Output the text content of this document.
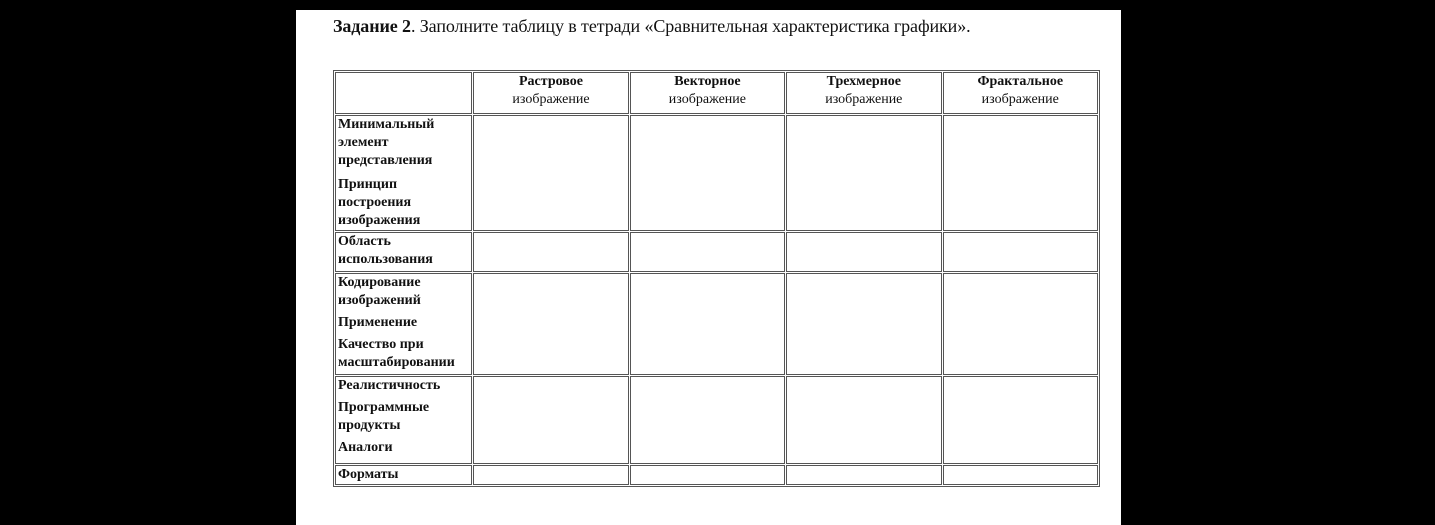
Задание 2. Заполните таблицу в тетради «Сравнительная характеристика графики».

	Растровое
изображение	Векторное
изображение	Трехмерное
изображение	Фрактальное
изображение

Минимальный элемент представления
Принцип построения изображения				

Область использования				

Кодирование изображений
Применение
Качество при масштабировании				

Реалистичность
Программные продукты
Аналоги				

Форматы				
